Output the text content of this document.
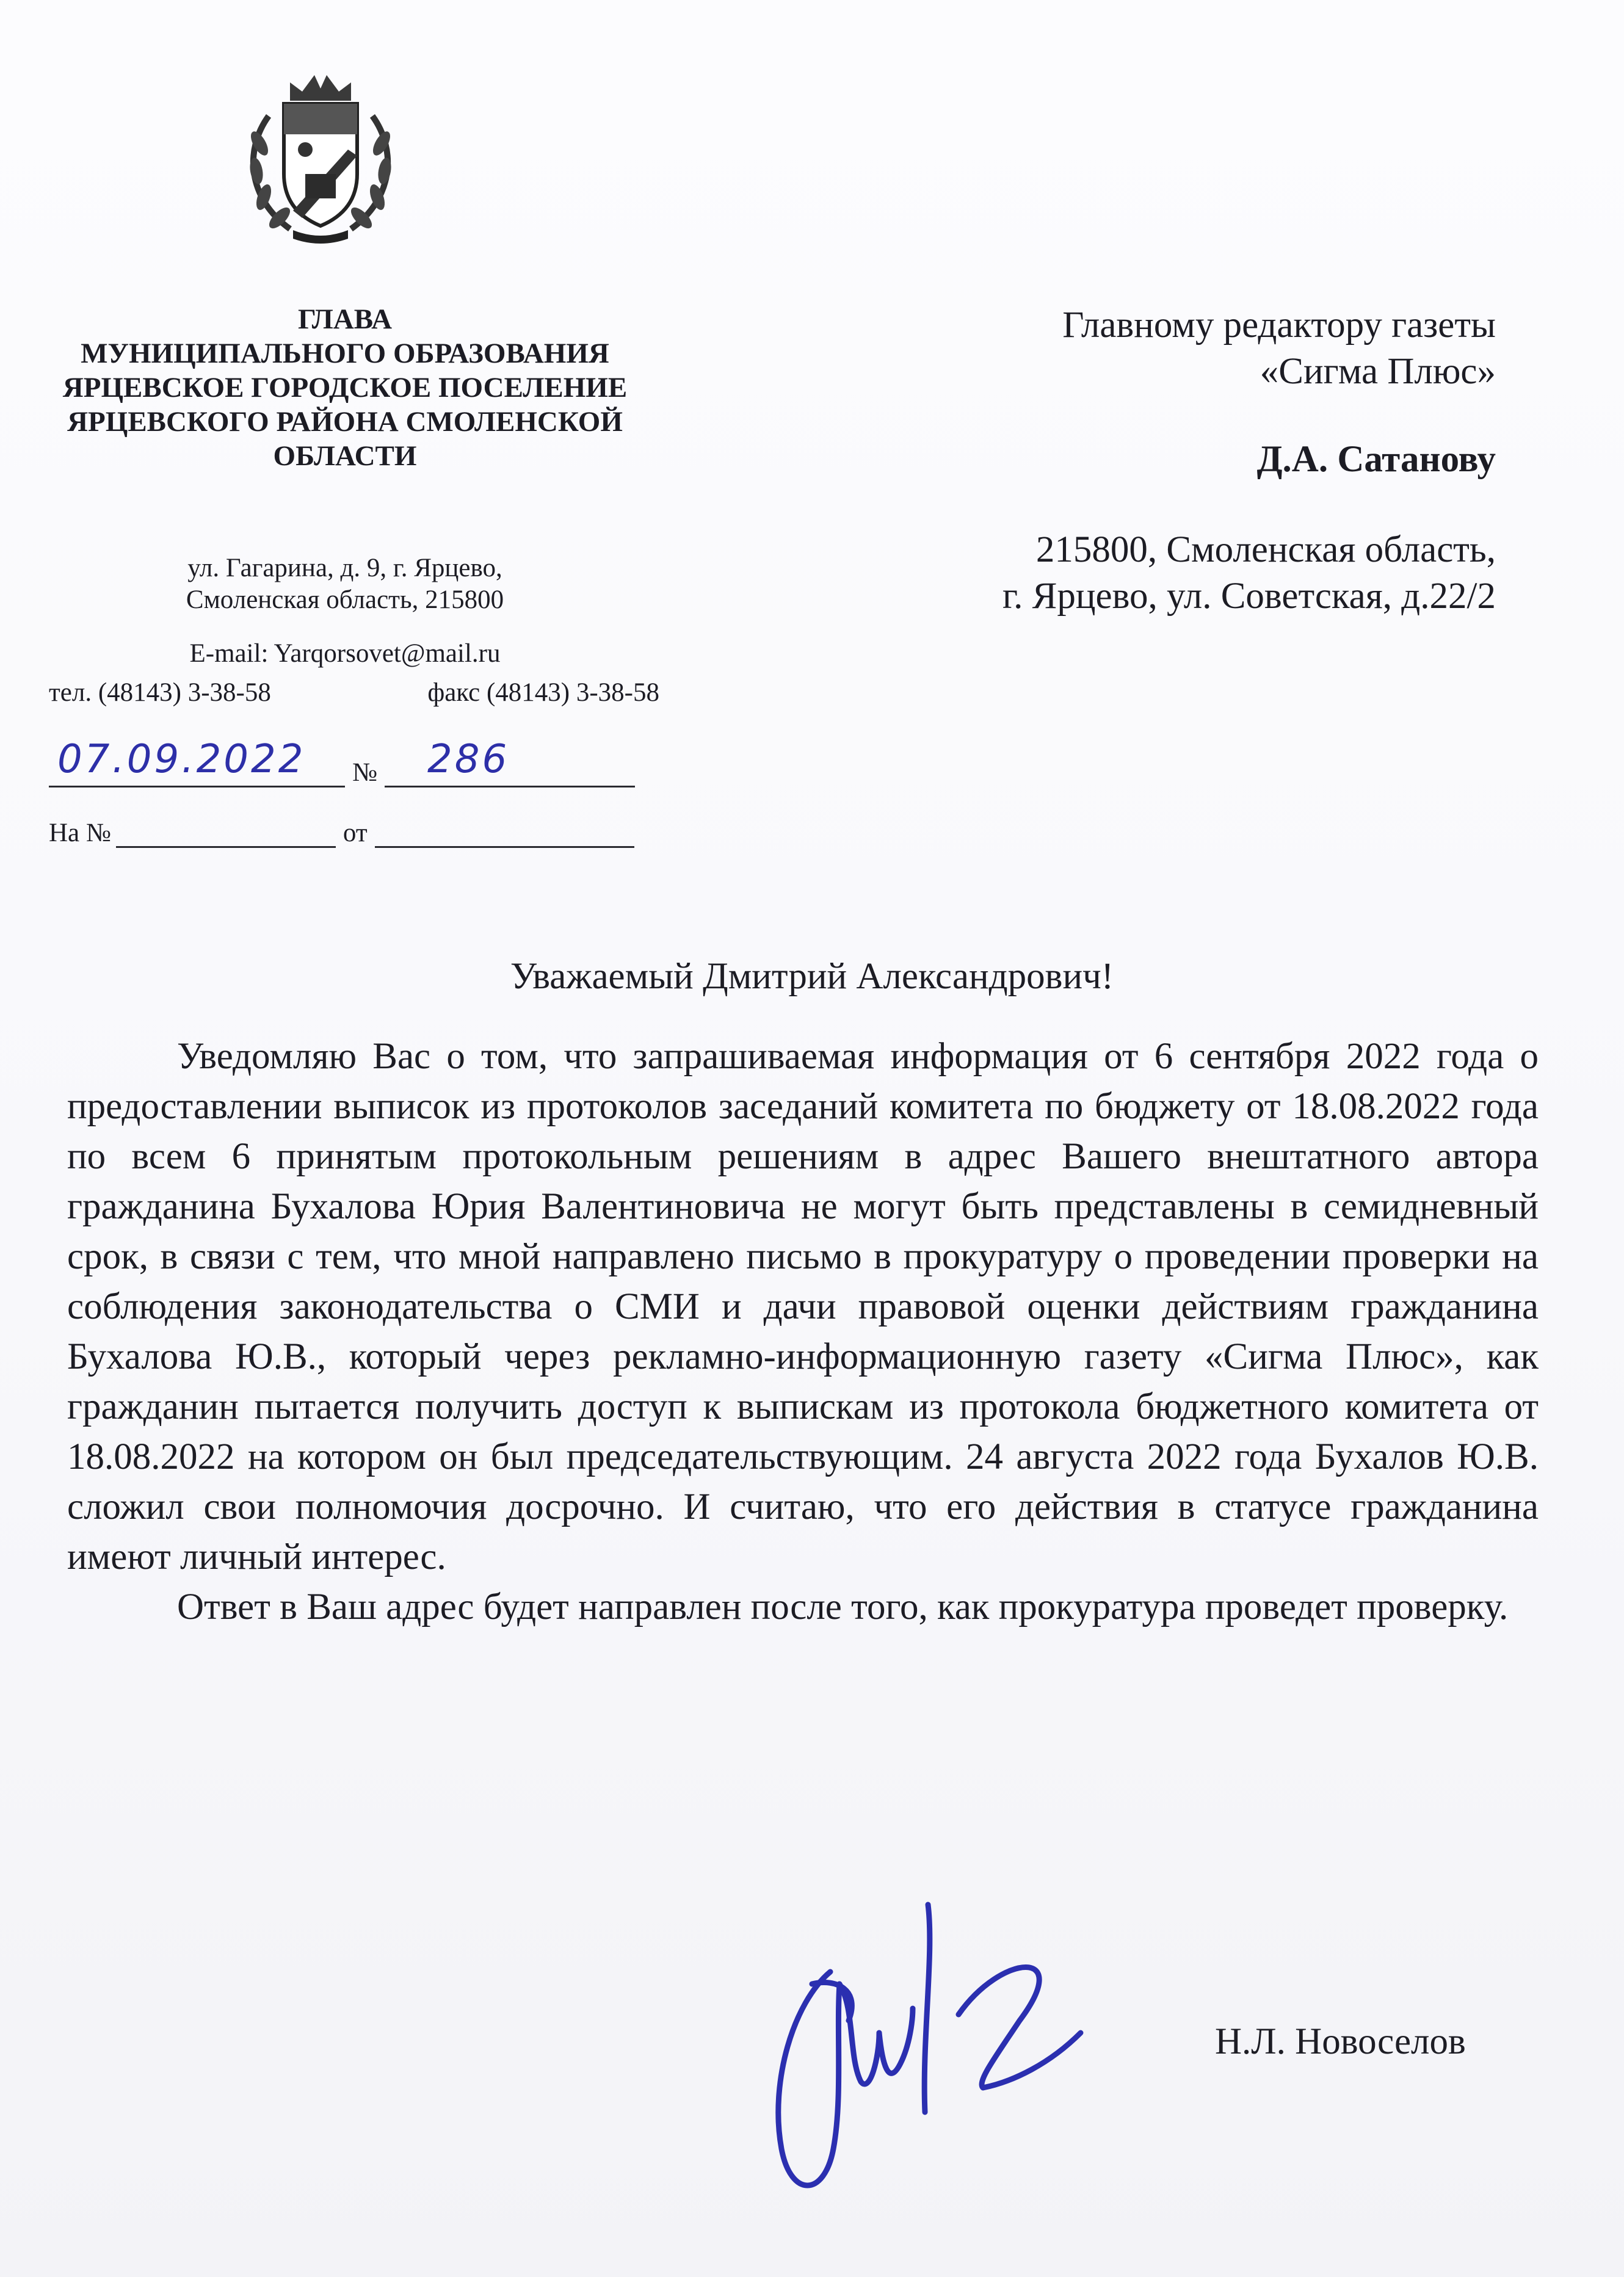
ГЛАВА
МУНИЦИПАЛЬНОГО ОБРАЗОВАНИЯ
ЯРЦЕВСКОЕ ГОРОДСКОЕ ПОСЕЛЕНИЕ
ЯРЦЕВСКОГО РАЙОНА СМОЛЕНСКОЙ
ОБЛАСТИ
ул. Гагарина, д. 9, г. Ярцево,
Смоленская область, 215800
E-mail: Yarqorsovet@mail.ru
тел. (48143) 3-38-58	факс (48143) 3-38-58
07.09.2022 № 286
На №	от
Главному редактору газеты
«Сигма Плюс»
Д.А. Сатанову
215800, Смоленская область,
г. Ярцево, ул. Советская, д.22/2
Уважаемый Дмитрий Александрович!

Уведомляю Вас о том, что запрашиваемая информация от 6 сентября 2022 года о предоставлении выписок из протоколов заседаний комитета по бюджету от 18.08.2022 года по всем 6 принятым протокольным решениям в адрес Вашего внештатного автора гражданина Бухалова Юрия Валентиновича не могут быть представлены в семидневный срок, в связи с тем, что мной направлено письмо в прокуратуру о проведении проверки на соблюдения законодательства о СМИ и дачи правовой оценки действиям гражданина Бухалова Ю.В., который через рекламно-информационную газету «Сигма Плюс», как гражданин пытается получить доступ к выпискам из протокола бюджетного комитета от 18.08.2022 на котором он был председательствующим. 24 августа 2022 года Бухалов Ю.В. сложил свои полномочия досрочно. И считаю, что его действия в статусе гражданина имеют личный интерес.

Ответ в Ваш адрес будет направлен после того, как прокуратура проведет проверку.

Н.Л. Новоселов
